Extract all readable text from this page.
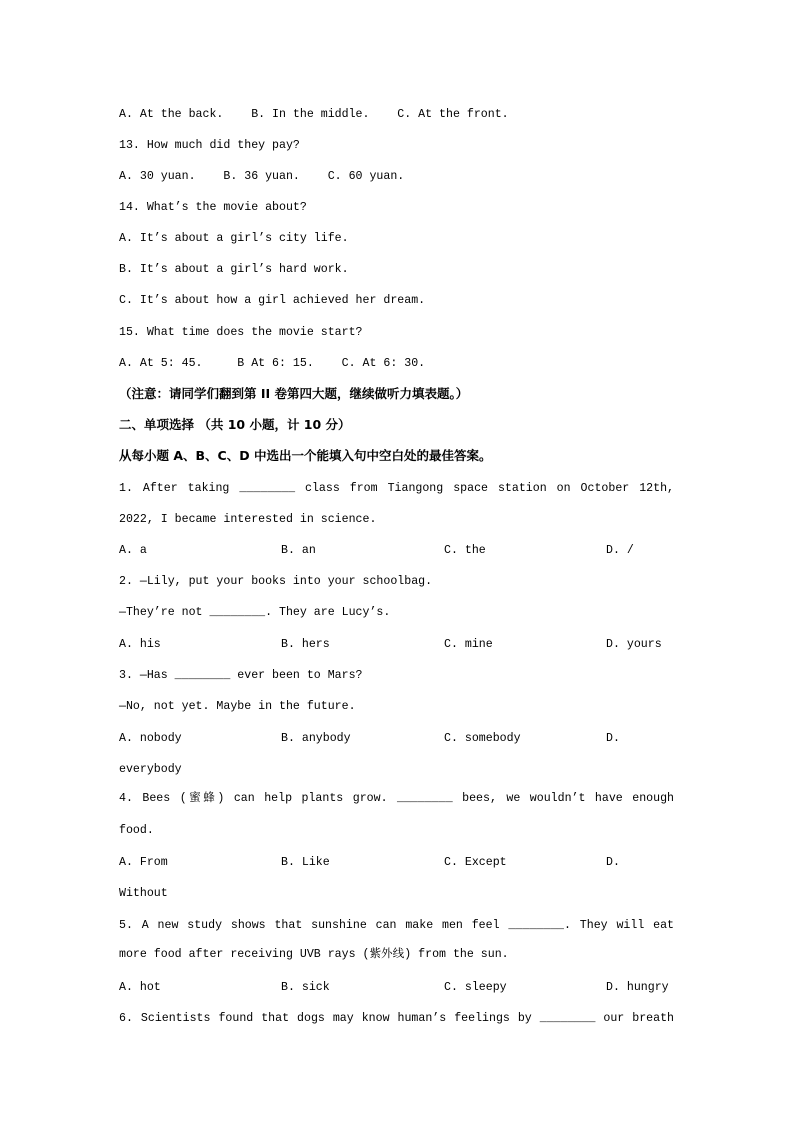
A. At the back.    B. In the middle.    C. At the front.
13. How much did they pay?
A. 30 yuan.    B. 36 yuan.    C. 60 yuan.
14. What’s the movie about?
A. It’s about a girl’s city life.
B. It’s about a girl’s hard work.
C. It’s about how a girl achieved her dream.
15. What time does the movie start?
A. At 5: 45.     B At 6: 15.    C. At 6: 30.
（注意：请同学们翻到第 II 卷第四大题，继续做听力填表题。）
二、单项选择 （共 10 小题，计 10 分）
从每小题 A、B、C、D 中选出一个能填入句中空白处的最佳答案。
1. After taking ________ class from Tiangong space station on October 12th,
2022, I became interested in science.
A. a	B. an	C. the	D. /
2. —Lily, put your books into your schoolbag.
—They’re not ________. They are Lucy’s.
A. his	B. hers	C. mine	D. yours
3. —Has ________ ever been to Mars?
—No, not yet. Maybe in the future.
A. nobody	B. anybody	C. somebody	D.
everybody
4. Bees (蜜蜂) can help plants grow. ________ bees, we wouldn’t have enough
food.
A. From	B. Like	C. Except	D.
Without
5. A new study shows that sunshine can make men feel ________. They will eat
more food after receiving UVB rays (紫外线) from the sun.
A. hot	B. sick	C. sleepy	D. hungry
6. Scientists found that dogs may know human’s feelings by ________ our breath
